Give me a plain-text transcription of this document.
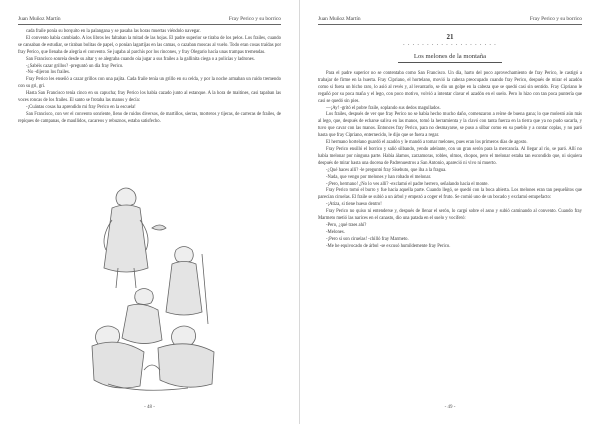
Juan Muñoz Martín	Fray Perico y su borrico

cada fraile ponía su borquito en la palangana y se pasaba las horas muertas viéndolo navegar.

El convento había cambiado. A los libros les faltaban la mitad de las hojas. El padre superior se tiraba de los pelos. Los frailes, cuando se cansaban de estudiar, se tiraban bolitas de papel, o ponían lagartijas en las camas, o cazaban moscas al vuelo. Todo eran cosas traídas por fray Perico, que llenaba de alegría el convento. Se jugaba al parchís por los rincones, y fray Olegario hacía unas trampas tremendas.

San Francisco sonreía desde su altar y se alegraba cuando oía jugar a sus frailes a la gallinita ciega o a policías y ladrones.

-¿Sabéis cazar grillos? -preguntó un día fray Perico.

-No -dijeron los frailes.

Fray Perico les enseñó a cazar grillos con una pajita. Cada fraile tenía un grillo en su celda, y por la noche armaban un ruido tremendo con su gri, gri.

Hasta San Francisco tenía cinco en su capucha; fray Perico los había cazado junto al estanque. A la hora de maitines, casi tapaban las voces roncas de los frailes. El santo se frotaba las manos y decía:

-¡Cuántas cosas ha aprendido mi fray Perico en la escuela!

San Francisco, con ver el convento sonriente, lleno de ruidos diversos, de martillos, sierras, morteros y tijeras, de carreras de frailes, de repiques de campanas, de maullidos, cacareos y rebuznos, estaba satisfecho.

- 48 -
Juan Muñoz Martín	Fray Perico y su borrico
21
• • • • • • • • • • • • • • • • • • • •
Los melones de la montaña

Para el padre superior no se contentaba como San Francisco. Un día, harto del poco aprovechamiento de fray Perico, le castigó a trabajar de firme en la huerta. Fray Cipriano, el hortelano, movió la cabeza preocupado cuando fray Perico, después de mirar el azadón como si fuera un bicho raro, lo asió al revés y, al levantarlo, se dio un golpe en la cabeza que se quedó casi sin sentido. Fray Cipriano le regañó por su poca maña y el lego, con poco motivo, volvió a intentar clavar el azadón en el suelo. Pero lo hizo con tan poca puntería que casi se quedó sin pies.

—¡Ay! -gritó el pobre fraile, soplando sus dedos magullados.

Los frailes, después de ver que fray Perico no se había hecho mucho daño, comenzaron a reírse de buena gana; lo que molestó aún más al lego, que, después de echarse saliva en las manos, tomó la herramienta y la clavó con tanta fuerza en la tierra que ya no pudo sacarla, y tuvo que cavar con las manos. Entonces fray Perico, para no desmayarse, se puso a silbar como en su pueblo y a contar coplas, y no paró hasta que fray Cipriano, enternecido, le dijo que se fuera a regar.

El hermano hortelano guardó el azadón y le mandó a tomar melones, pues eran los primeros días de agosto.

Fray Perico ensilló el borrico y salió silbando, yendo adelante, con un gran serón para la mercancía. Al llegar al río, se paró. Allí no había melonar por ninguna parte. Había álamos, zarzamoras, robles, olmos, chopos, pero el melonar estaba tan escondido que, ni siquiera después de mirar hasta una docena de Padrenuestros a San Antonio, apareció ni vivo ni muerto.

-¿Qué haces allí? -le preguntó fray Sisebuto, que iba a la fragua.

-Nada, que vengo por melones y han robado el melonar.

-¡Pero, hermano! ¿No lo ves allí? -exclamó el padre herrero, señalando hacia el monte.

Fray Perico tomó el burro y fue hacia aquella parte. Cuando llegó, se quedó con la boca abierta. Los melones eran tan pequeñitos que parecían ciruelas. El fraile se subió a un árbol y empezó a coger el fruto. Se comió uno de un bocado y exclamó estupefacto:

-¡Atiza, si tiene hueso dentro!

Fray Perico no quiso ni entenderse y, después de llenar el serón, lo cargó sobre el asno y subió caminando al convento. Cuando fray Marmeto metió las narices en el canasto, dio una patada en el suelo y vociferó:

-Pero, ¿qué traes ahí?

-Melones.

-¡Pero si son ciruelas! -chilló fray Marmeto.

-Me he equivocado de árbol -se excusó humildemente fray Perico.

- 49 -
